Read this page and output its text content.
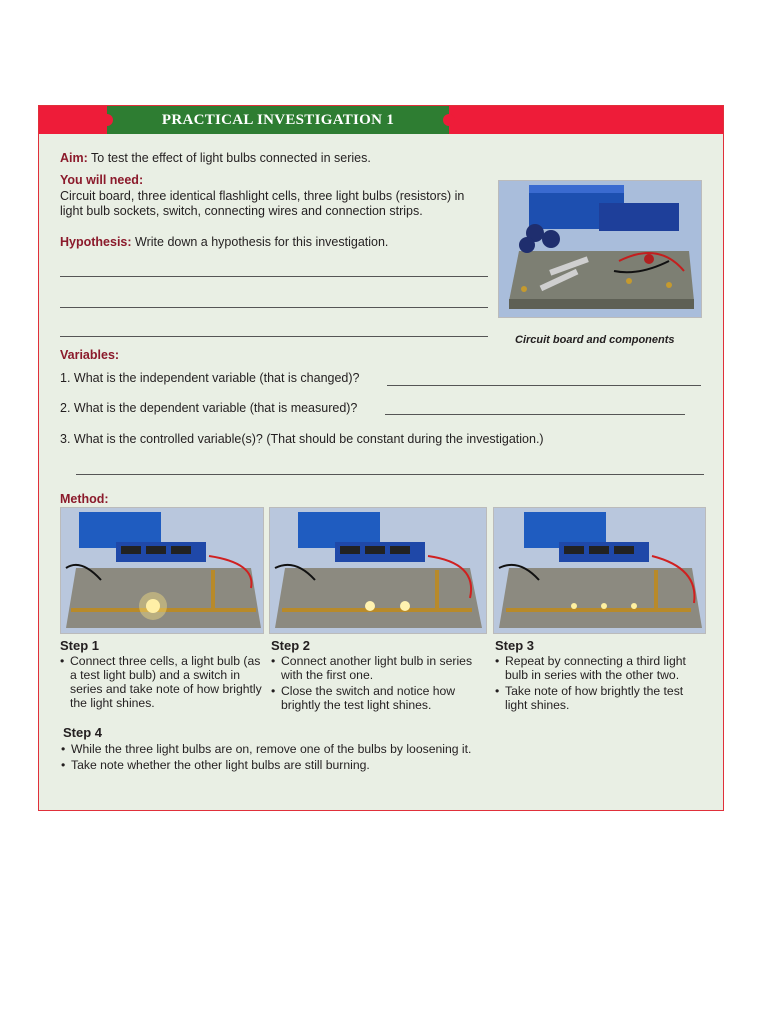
PRACTICAL INVESTIGATION 1
Aim: To test the effect of light bulbs connected in series.
You will need:
Circuit board, three identical flashlight cells, three light bulbs (resistors) in
light bulb sockets, switch, connecting wires and connection strips.
Hypothesis: Write down a hypothesis for this investigation.
Circuit board and components
Variables:
1. What is the independent variable (that is changed)?
2. What is the dependent variable (that is measured)?
3. What is the controlled variable(s)? (That should be constant during the investigation.)
Method:
Step 1
• Connect three cells, a light bulb (as a test light bulb) and a switch in series and take note of how brightly the light shines.
Step 2
• Connect another light bulb in series with the first one.
• Close the switch and notice how brightly the test light shines.
Step 3
• Repeat by connecting a third light bulb in series with the other two.
• Take note of how brightly the test light shines.
Step 4
• While the three light bulbs are on, remove one of the bulbs by loosening it.
• Take note whether the other light bulbs are still burning.
